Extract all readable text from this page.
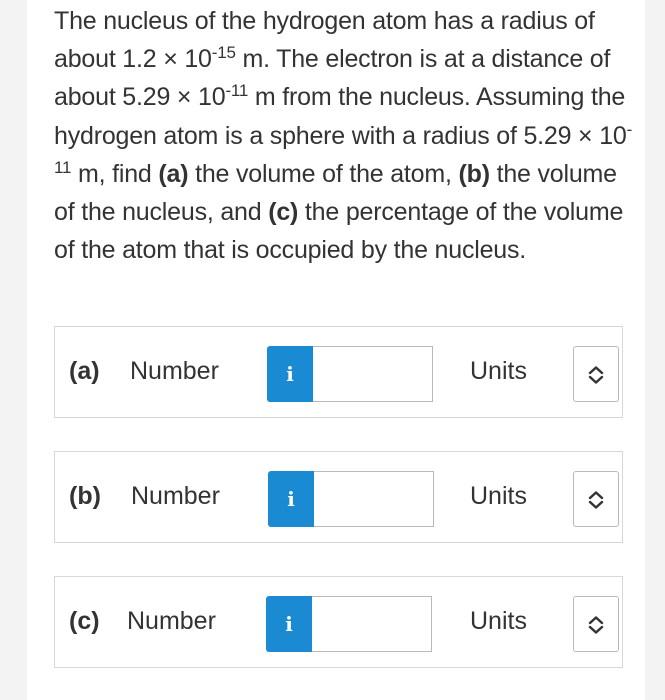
The nucleus of the hydrogen atom has a radius of about $1.2 \times 10^{-15}$ m. The electron is at a distance of about $5.29 \times 10^{-11}$ m from the nucleus. Assuming the hydrogen atom is a sphere with a radius of $5.29 \times 10^{-11}$ m, find (a) the volume of the atom, (b) the volume of the nucleus, and (c) the percentage of the volume of the atom that is occupied by the nucleus.
(a) Number	i	Units
(b) Number	i	Units
(c) Number	i	Units
